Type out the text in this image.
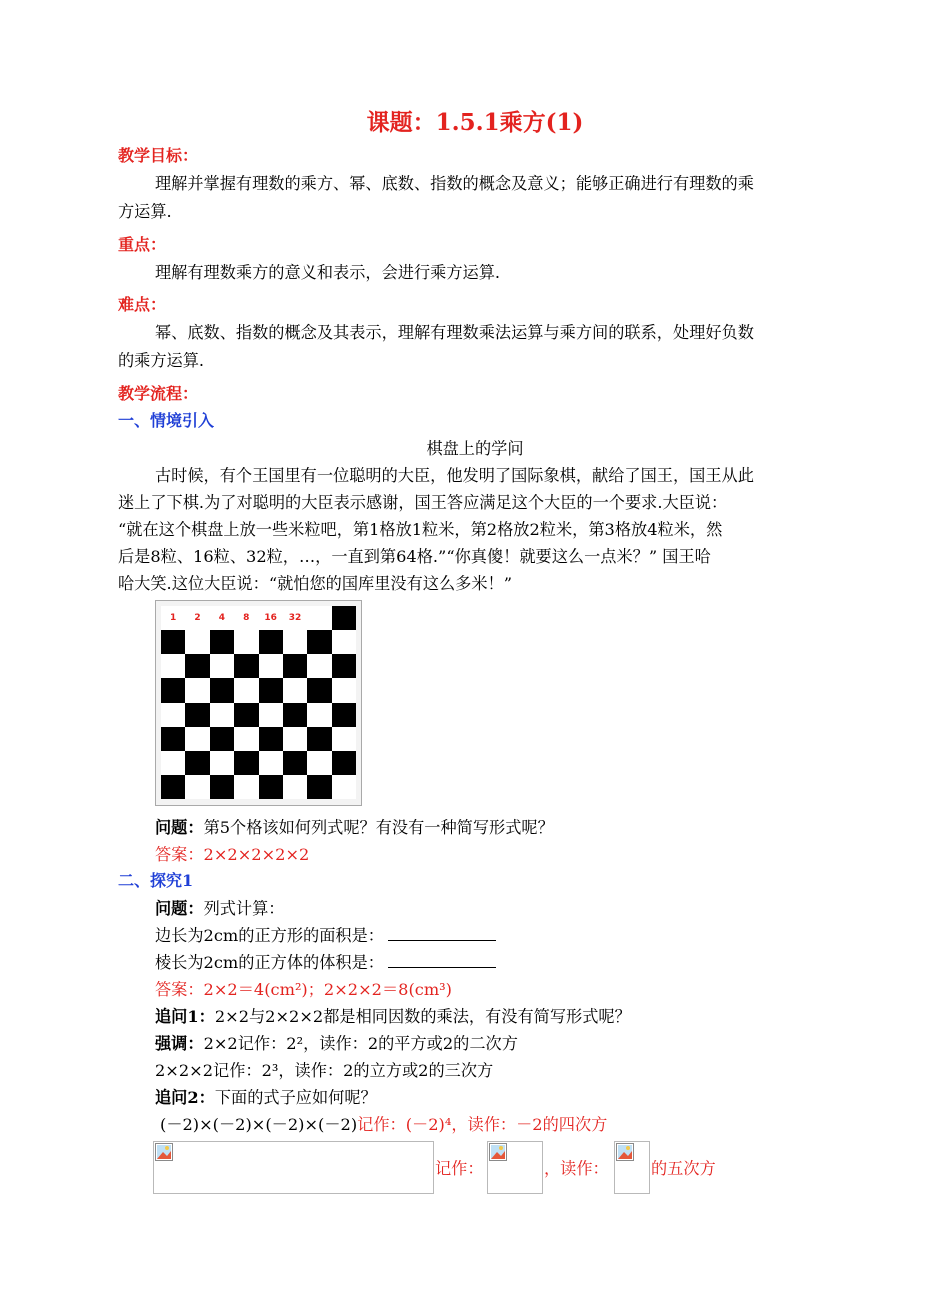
课题：1.5.1乘方(1)
教学目标：
理解并掌握有理数的乘方、幂、底数、指数的概念及意义；能够正确进行有理数的乘
方运算.
重点：
理解有理数乘方的意义和表示，会进行乘方运算.
难点：
幂、底数、指数的概念及其表示，理解有理数乘法运算与乘方间的联系，处理好负数
的乘方运算.
教学流程：
一、情境引入
棋盘上的学问
古时候，有个王国里有一位聪明的大臣，他发明了国际象棋，献给了国王，国王从此
迷上了下棋.为了对聪明的大臣表示感谢，国王答应满足这个大臣的一个要求.大臣说：
“就在这个棋盘上放一些米粒吧，第1格放1粒米，第2格放2粒米，第3格放4粒米，然
后是8粒、16粒、32粒，…，一直到第64格.”“你真傻！就要这么一点米？” 国王哈
哈大笑.这位大臣说：“就怕您的国库里没有这么多米！”
1	2	4	8	16	32
问题：第5个格该如何列式呢？有没有一种简写形式呢？
答案：2×2×2×2×2
二、探究1
问题：列式计算：
边长为2cm的正方形的面积是：
棱长为2cm的正方体的体积是：
答案：2×2＝4(cm²)；2×2×2＝8(cm³)
追问1：2×2与2×2×2都是相同因数的乘法，有没有简写形式呢？
强调：2×2记作：2²，读作：2的平方或2的二次方
2×2×2记作：2³，读作：2的立方或2的三次方
追问2：下面的式子应如何呢？
(－2)×(－2)×(－2)×(－2)记作：(－2)⁴，读作：－2的四次方
记作：	，读作：	的五次方
